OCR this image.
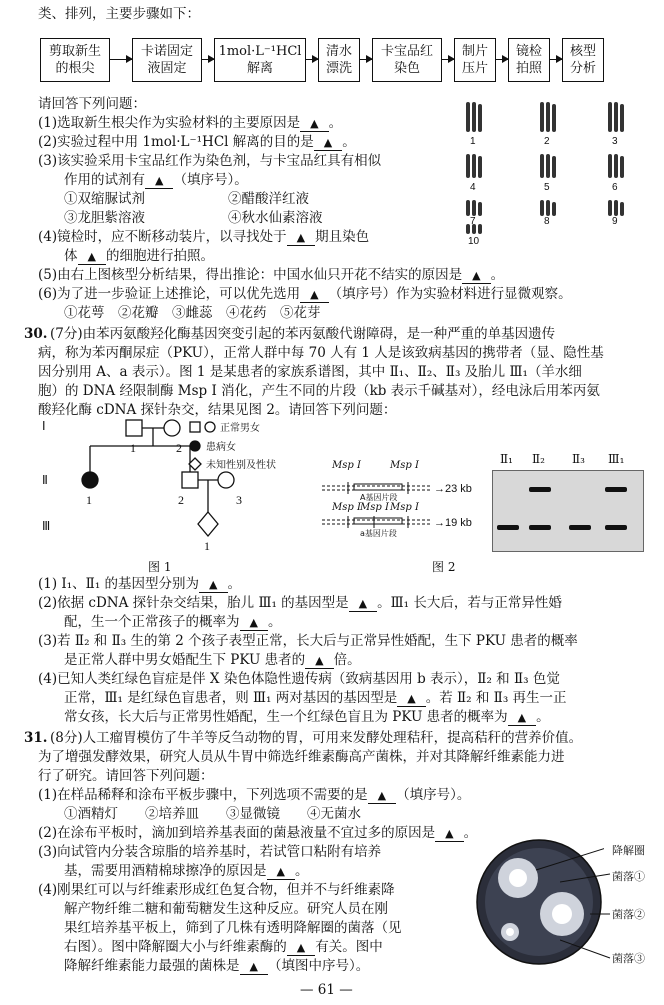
类、排列，主要步骤如下：
剪取新生
的根尖
卡诺固定
液固定
1mol·L⁻¹HCl
解离
清水
漂洗
卡宝品红
染色
制片
压片
镜检
拍照
核型
分析
请回答下列问题：
(1)选取新生根尖作为实验材料的主要原因是 ▲ 。
(2)实验过程中用 1mol·L⁻¹HCl 解离的目的是 ▲ 。
(3)该实验采用卡宝品红作为染色剂，与卡宝品红具有相似
作用的试剂有 ▲ （填序号）。
①双缩脲试剂	②醋酸洋红液
③龙胆紫溶液	④秋水仙素溶液
(4)镜检时，应不断移动装片，以寻找处于 ▲ 期且染色
体 ▲ 的细胞进行拍照。
(5)由右上图核型分析结果，得出推论：中国水仙只开花不结实的原因是 ▲ 。
(6)为了进一步验证上述推论，可以优先选用 ▲ （填序号）作为实验材料进行显微观察。
①花萼　②花瓣　③雌蕊　④花药　⑤花芽
1	2	3
4	5	6
7	8	9
10
30. (7分)由苯丙氨酸羟化酶基因突变引起的苯丙氨酸代谢障碍，是一种严重的单基因遗传
病，称为苯丙酮尿症（PKU），正常人群中每 70 人有 1 人是该致病基因的携带者（显、隐性基
因分别用 A、a 表示）。图 1 是某患者的家族系谱图，其中 Ⅱ₁、Ⅱ₂、Ⅱ₃ 及胎儿 Ⅲ₁（羊水细
胞）的 DNA 经限制酶 Msp Ⅰ 消化，产生不同的片段（kb 表示千碱基对），经电泳后用苯丙氨
酸羟化酶 cDNA 探针杂交，结果见图 2。请回答下列问题：
Ⅰ
Ⅱ
Ⅲ
1	2
1	2	3
1
正常男女
患病女
未知性别及性状
图 1
Msp Ⅰ	Msp Ⅰ
Msp Ⅰ Msp Ⅰ Msp Ⅰ
A基因片段
a基因片段
→23 kb
→19 kb
Ⅱ₁ Ⅱ₂ Ⅱ₃ Ⅲ₁
图 2
(1) Ⅰ₁、Ⅱ₁ 的基因型分别为 ▲ 。
(2)依据 cDNA 探针杂交结果，胎儿 Ⅲ₁ 的基因型是 ▲ 。Ⅲ₁ 长大后，若与正常异性婚
配，生一个正常孩子的概率为 ▲ 。
(3)若 Ⅱ₂ 和 Ⅱ₃ 生的第 2 个孩子表型正常，长大后与正常异性婚配，生下 PKU 患者的概率
是正常人群中男女婚配生下 PKU 患者的 ▲ 倍。
(4)已知人类红绿色盲症是伴 X 染色体隐性遗传病（致病基因用 b 表示），Ⅱ₂ 和 Ⅱ₃ 色觉
正常，Ⅲ₁ 是红绿色盲患者，则 Ⅲ₁ 两对基因的基因型是 ▲ 。若 Ⅱ₂ 和 Ⅱ₃ 再生一正
常女孩，长大后与正常男性婚配，生一个红绿色盲且为 PKU 患者的概率为 ▲ 。
31. (8分)人工瘤胃模仿了牛羊等反刍动物的胃，可用来发酵处理秸秆，提高秸秆的营养价值。
为了增强发酵效果，研究人员从牛胃中筛选纤维素酶高产菌株，并对其降解纤维素能力进
行了研究。请回答下列问题：
(1)在样品稀释和涂布平板步骤中，下列选项不需要的是 ▲ （填序号）。
①酒精灯　　②培养皿　　③显微镜　　④无菌水
(2)在涂布平板时，滴加到培养基表面的菌悬液量不宜过多的原因是 ▲ 。
(3)向试管内分装含琼脂的培养基时，若试管口粘附有培养
基，需要用酒精棉球擦净的原因是 ▲ 。
(4)刚果红可以与纤维素形成红色复合物，但并不与纤维素降
解产物纤维二糖和葡萄糖发生这种反应。研究人员在刚
果红培养基平板上，筛到了几株有透明降解圈的菌落（见
右图）。图中降解圈大小与纤维素酶的 ▲ 有关。图中
降解纤维素能力最强的菌株是 ▲ （填图中序号）。
降解圈
菌落①
菌落②
菌落③
— 61 —
